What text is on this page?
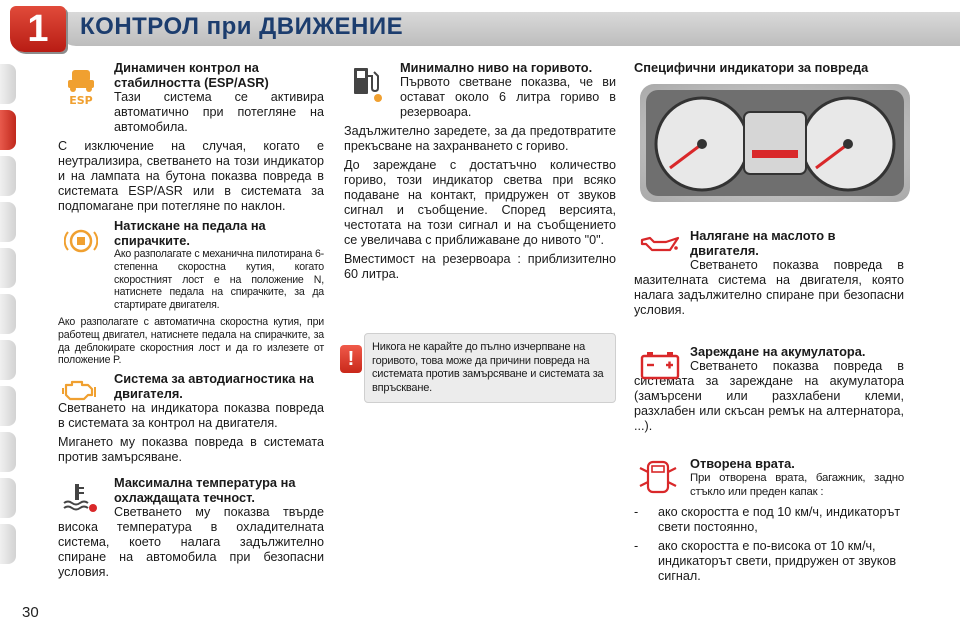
1	КОНТРОЛ при ДВИЖЕНИЕ
ESP
Динамичен контрол на стабилността (ESP/ASR)
Тази система се активира автоматично при потегляне на автомобила.
С изключение на случая, когато е неутрализира, светването на този индикатор и на лампата на бутона показва повреда в системата ESP/ASR или в системата за подпомагане при потегляне по наклон.
Натискане на педала на спирачките.
Ако разполагате с механична пилотирана 6-степенна скоростна кутия, когато скоростният лост е на положение N, натиснете педала на спирачките, за да стартирате двигателя.
Ако разполагате с автоматична скоростна кутия, при работещ двигател, натиснете педала на спирачките, за да деблокирате скоростния лост и да го излезете от положение P.
Система за автодиагностика на двигателя.
Светването на индикатора показва повреда в системата за контрол на двигателя.
Мигането му показва повреда в системата против замърсяване.
Максимална температура на охлаждащата течност.
Светването му показва твърде висока температура в охладителната система, което налага задължително спиране на автомобила при безопасни условия.
Минимално ниво на горивото.
Първото светване показва, че ви остават около 6 литра гориво в резервоара.
Задължително заредете, за да предотвратите прекъсване на захранването с гориво.
До зареждане с достатъчно количество гориво, този индикатор светва при всяко подаване на контакт, придружен от звуков сигнал и съобщение. Според версията, честотата на този сигнал и на съобщението се увеличава с приближаване до нивото "0".
Вместимост на резервоара : приблизително 60 литра.
!
Никога не карайте до пълно изчерпване на горивото, това може да причини повреда на системата против замърсяване и системата за впръскване.
Специфични индикатори за повреда
Налягане на маслото в двигателя.
Светването показва повреда в мазителната система на двигателя, която налага задължително спиране при безопасни условия.
Зареждане на акумулатора.
Светването показва повреда в системата за зареждане на акумулатора (замърсени или разхлабени клеми, разхлабен или скъсан ремък на алтернатора, ...).
Отворена врата.
При отворена врата, багажник, задно стъкло или преден капак :
- ако скоростта е под 10 км/ч, индикаторът свети постоянно,
- ако скоростта е по-висока от 10 км/ч, индикаторът свети, придружен от звуков сигнал.
30
